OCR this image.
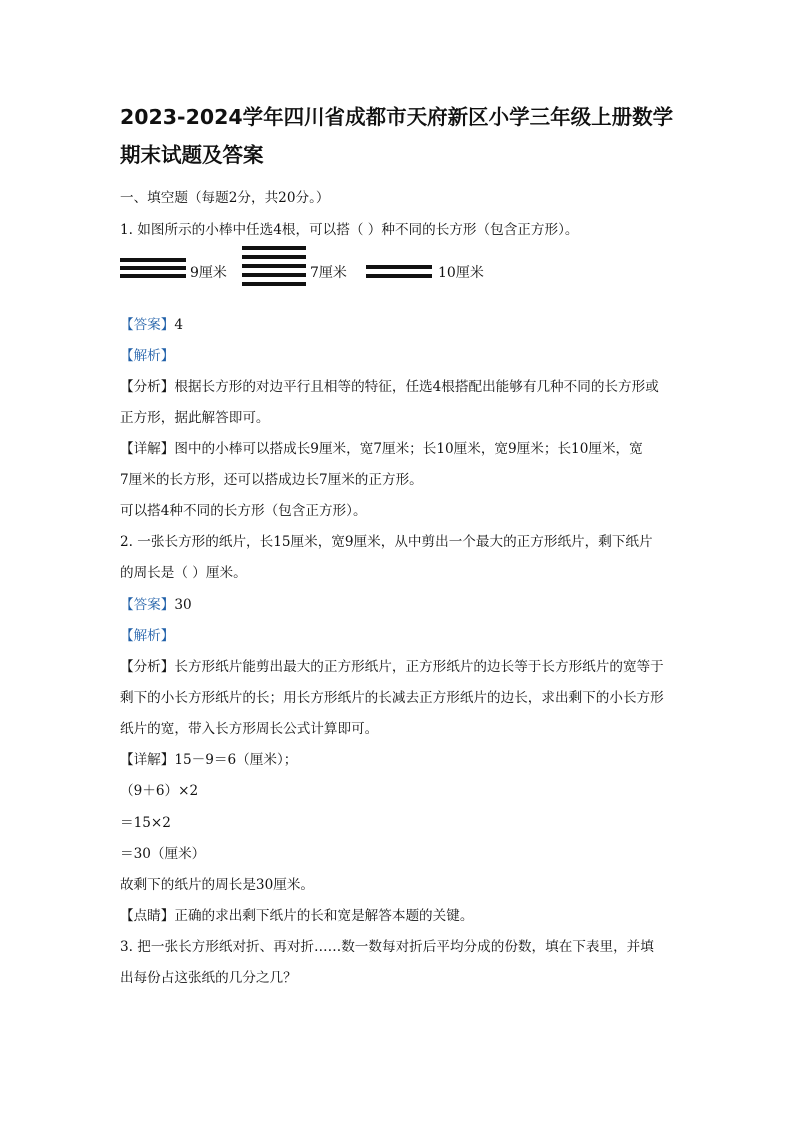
2023-2024学年四川省成都市天府新区小学三年级上册数学
期末试题及答案
一、填空题（每题2分，共20分。）
1. 如图所示的小棒中任选4根，可以搭（ ）种不同的长方形（包含正方形）。
9厘米	7厘米	10厘米
【答案】4
【解析】
【分析】根据长方形的对边平行且相等的特征，任选4根搭配出能够有几种不同的长方形或
正方形，据此解答即可。
【详解】图中的小棒可以搭成长9厘米，宽7厘米；长10厘米，宽9厘米；长10厘米，宽
7厘米的长方形，还可以搭成边长7厘米的正方形。
可以搭4种不同的长方形（包含正方形）。
2. 一张长方形的纸片，长15厘米，宽9厘米，从中剪出一个最大的正方形纸片，剩下纸片
的周长是（ ）厘米。
【答案】30
【解析】
【分析】长方形纸片能剪出最大的正方形纸片，正方形纸片的边长等于长方形纸片的宽等于
剩下的小长方形纸片的长；用长方形纸片的长减去正方形纸片的边长，求出剩下的小长方形
纸片的宽，带入长方形周长公式计算即可。
【详解】15－9＝6（厘米）；
（9＋6）×2
＝15×2
＝30（厘米）
故剩下的纸片的周长是30厘米。
【点睛】正确的求出剩下纸片的长和宽是解答本题的关键。
3. 把一张长方形纸对折、再对折……数一数每对折后平均分成的份数，填在下表里，并填
出每份占这张纸的几分之几？
